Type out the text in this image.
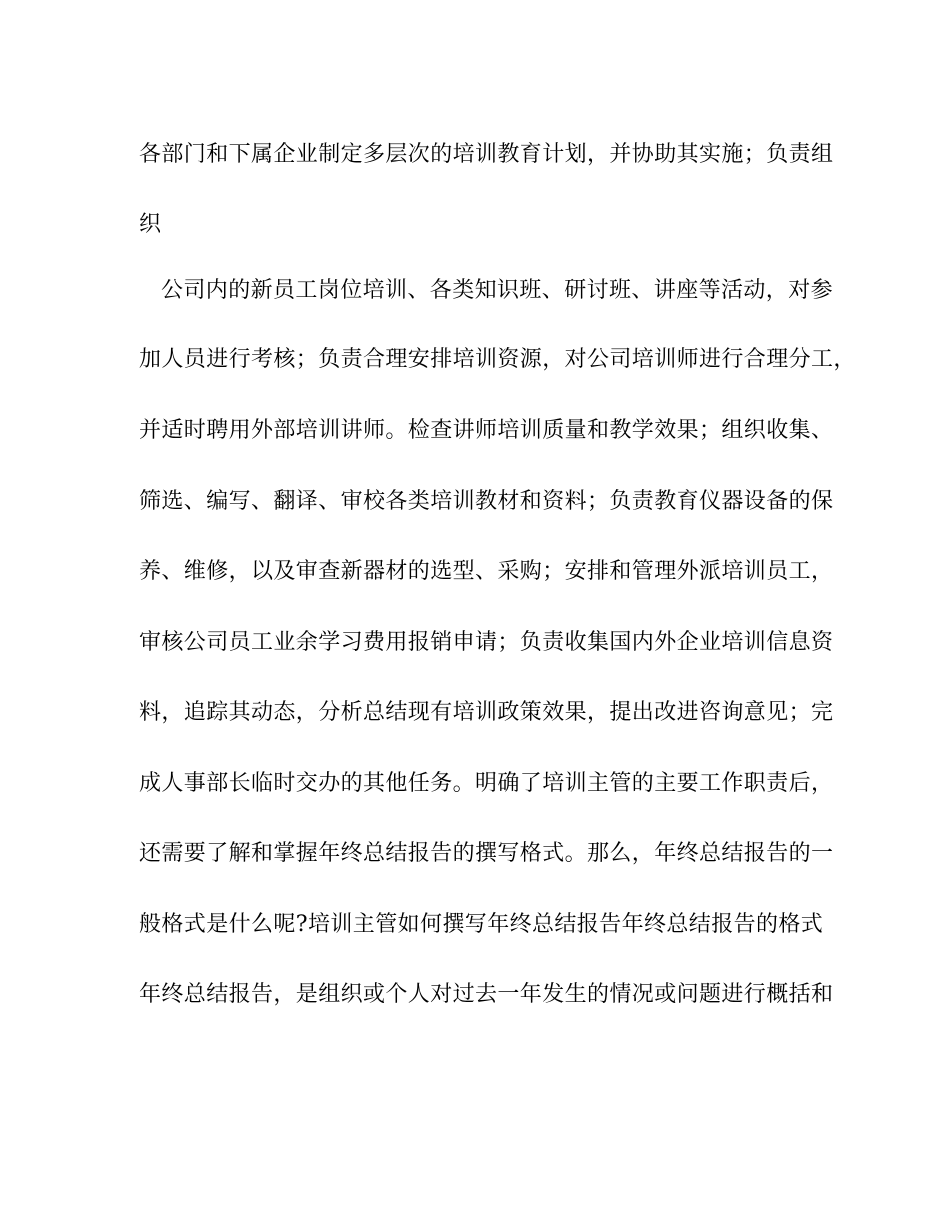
各部门和下属企业制定多层次的培训教育计划，并协助其实施；负责组
织
公司内的新员工岗位培训、各类知识班、研讨班、讲座等活动，对参
加人员进行考核；负责合理安排培训资源，对公司培训师进行合理分工，
并适时聘用外部培训讲师。检查讲师培训质量和教学效果；组织收集、
筛选、编写、翻译、审校各类培训教材和资料；负责教育仪器设备的保
养、维修，以及审查新器材的选型、采购；安排和管理外派培训员工，
审核公司员工业余学习费用报销申请；负责收集国内外企业培训信息资
料，追踪其动态，分析总结现有培训政策效果，提出改进咨询意见；完
成人事部长临时交办的其他任务。明确了培训主管的主要工作职责后，
还需要了解和掌握年终总结报告的撰写格式。那么，年终总结报告的一
般格式是什么呢?培训主管如何撰写年终总结报告年终总结报告的格式
年终总结报告，是组织或个人对过去一年发生的情况或问题进行概括和
